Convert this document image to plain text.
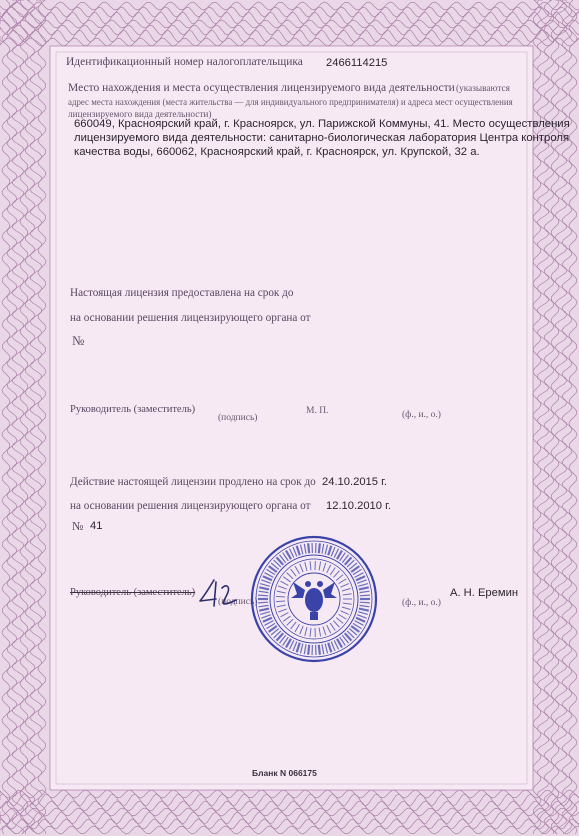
Идентификационный номер налогоплательщика 2466114215
Место нахождения и места осуществления лицензируемого вида деятельности (указываются
адрес места нахождения (места жительства — для индивидуального предпринимателя) и адреса мест осуществления
лицензируемого вида деятельности)
660049, Красноярский край, г. Красноярск, ул. Парижской Коммуны, 41. Место осуществления
лицензируемого вида деятельности: санитарно-биологическая лаборатория Центра контроля
качества воды, 660062, Красноярский край, г. Красноярск, ул. Крупской, 32 а.
Настоящая лицензия предоставлена на срок до
на основании решения лицензирующего органа от
№
Руководитель (заместитель)
(подпись)
М. П.	(ф., и., о.)
Действие настоящей лицензии продлено на срок до 24.10.2015 г.
на основании решения лицензирующего органа от 12.10.2010 г.
№ 41
Руководитель (заместитель)
(подпись)	(ф., и., о.)
А. Н. Еремин
Бланк N 066175
